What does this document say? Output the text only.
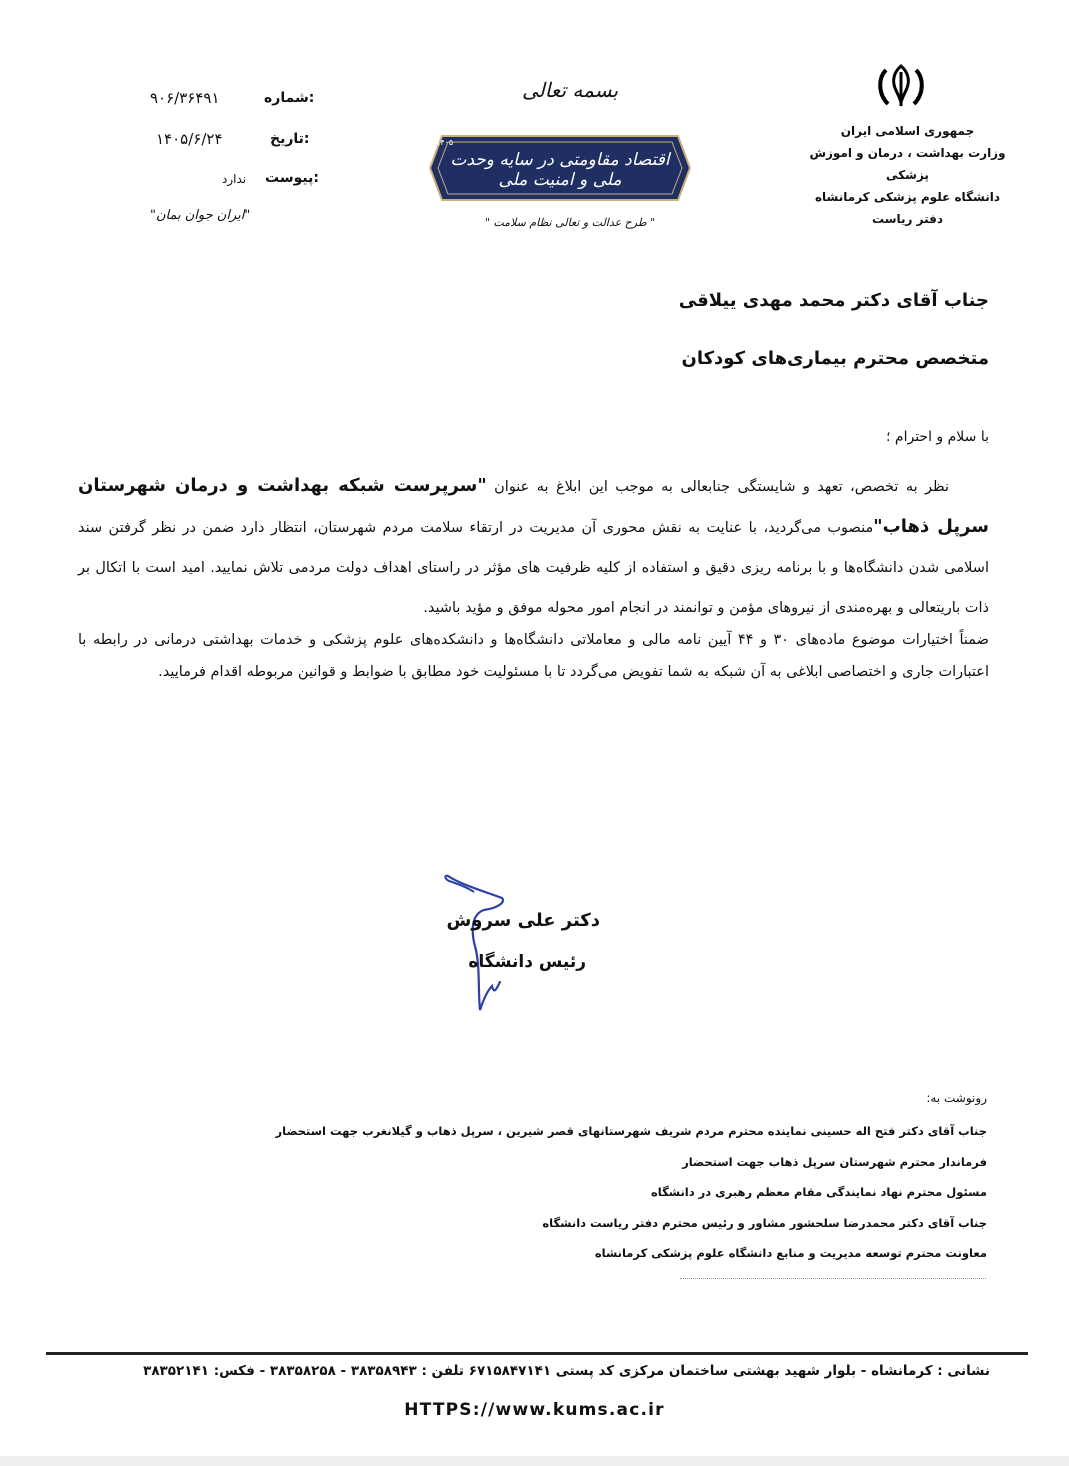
جمهوری اسلامی ایران
وزارت بهداشت ، درمان و اموزش پزشکی
دانشگاه علوم پزشکی کرمانشاه
دفتر ریاست
بسمه تعالی
۱۴۰۵
اقتصاد مقاومتی در سایه وحدت ملی و امنیت ملی
" طرح عدالت و تعالی نظام سلامت "
شماره:
۹۰۶/۳۶۴۹۱
تاریخ:
۱۴۰۵/۶/۲۴
پیوست:
ندارد
"ایران جوان بمان"
جناب آقای دکتر محمد مهدی ییلاقی
متخصص محترم بیماری‌های کودکان
با سلام و احترام ؛
نظر به تخصص، تعهد و شایستگی جنابعالی به موجب این ابلاغ به عنوان "سرپرست شبکه بهداشت و درمان شهرستان سرپل ذهاب"منصوب می‌گردید، با عنایت به نقش محوری آن مدیریت در ارتقاء سلامت مردم شهرستان، انتظار دارد ضمن در نظر گرفتن سند اسلامی شدن دانشگاه‌ها و با برنامه ریزی دقیق و استفاده از کلیه ظرفیت های مؤثر در راستای اهداف دولت مردمی تلاش نمایید. امید است با اتکال بر ذات باریتعالی و بهره‌مندی از نیروهای مؤمن و توانمند در انجام امور محوله موفق و مؤید باشید.
ضمناً اختیارات موضوع ماده‌های ۳۰ و ۴۴ آیین نامه مالی و معاملاتی دانشگاه‌ها و دانشکده‌های علوم پزشکی و خدمات بهداشتی درمانی در رابطه با اعتبارات جاری و اختصاصی ابلاغی به آن شبکه به شما تفویض می‌گردد تا با مسئولیت خود مطابق با ضوابط و قوانین مربوطه اقدام فرمایید.
دکتر علی سروش
رئیس دانشگاه
رونوشت به:
جناب آقای دکتر فتح اله حسینی نماینده محترم مردم شریف شهرستانهای قصر شیرین ، سرپل ذهاب و گیلانغرب جهت استحضار
فرماندار محترم شهرستان سرپل ذهاب جهت استحضار
مسئول محترم نهاد نمایندگی مقام معظم رهبری در دانشگاه
جناب آقای دکتر محمدرضا سلحشور مشاور و رئیس محترم دفتر ریاست دانشگاه
معاونت محترم توسعه مدیریت و منابع دانشگاه علوم پزشکی کرمانشاه
نشانی : کرمانشاه - بلوار شهید بهشتی ساختمان مرکزی کد پستی ۶۷۱۵۸۴۷۱۴۱ تلفن : ۳۸۳۵۸۹۴۳ - ۳۸۳۵۸۲۵۸ - فکس: ۳۸۳۵۲۱۴۱
HTTPS://www.kums.ac.ir
